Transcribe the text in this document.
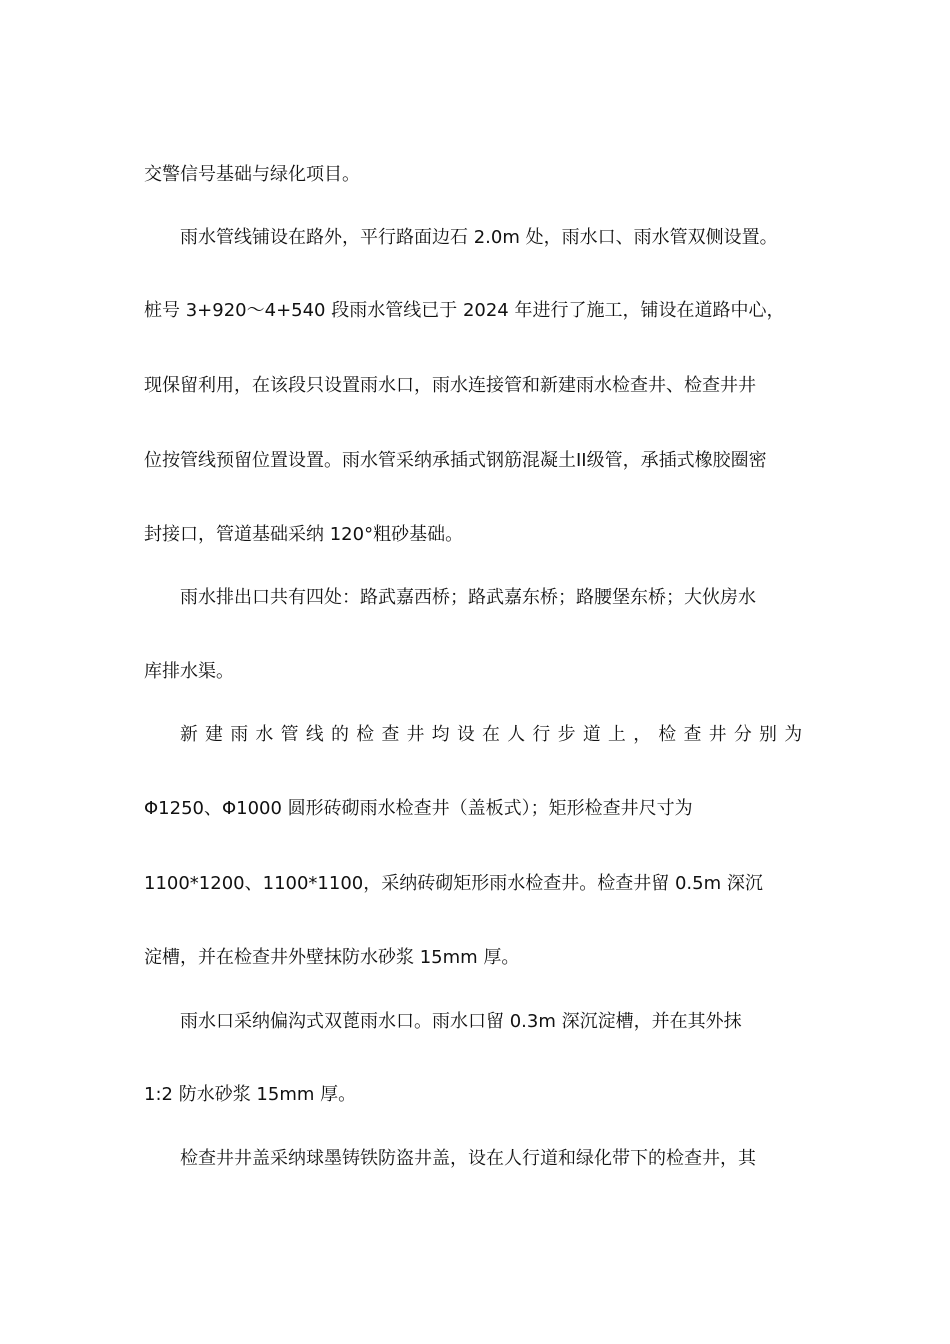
交警信号基础与绿化项目。
雨水管线铺设在路外，平行路面边石 2.0m 处，雨水口、雨水管双侧设置。
桩号 3+920～4+540 段雨水管线已于 2024 年进行了施工，铺设在道路中心，
现保留利用，在该段只设置雨水口，雨水连接管和新建雨水检查井、检查井井
位按管线预留位置设置。雨水管采纳承插式钢筋混凝土II级管，承插式橡胶圈密
封接口，管道基础采纳 120°粗砂基础。
雨水排出口共有四处：路武嘉西桥；路武嘉东桥；路腰堡东桥；大伙房水
库排水渠。
新建雨水管线的检查井均设在人行步道上，检查井分别为
Φ1250、Φ1000 圆形砖砌雨水检查井（盖板式）；矩形检查井尺寸为
1100*1200、1100*1100，采纳砖砌矩形雨水检查井。检查井留 0.5m 深沉
淀槽，并在检查井外壁抹防水砂浆 15mm 厚。
雨水口采纳偏沟式双蓖雨水口。雨水口留 0.3m 深沉淀槽，并在其外抹
1:2 防水砂浆 15mm 厚。
检查井井盖采纳球墨铸铁防盗井盖，设在人行道和绿化带下的检查井，其
